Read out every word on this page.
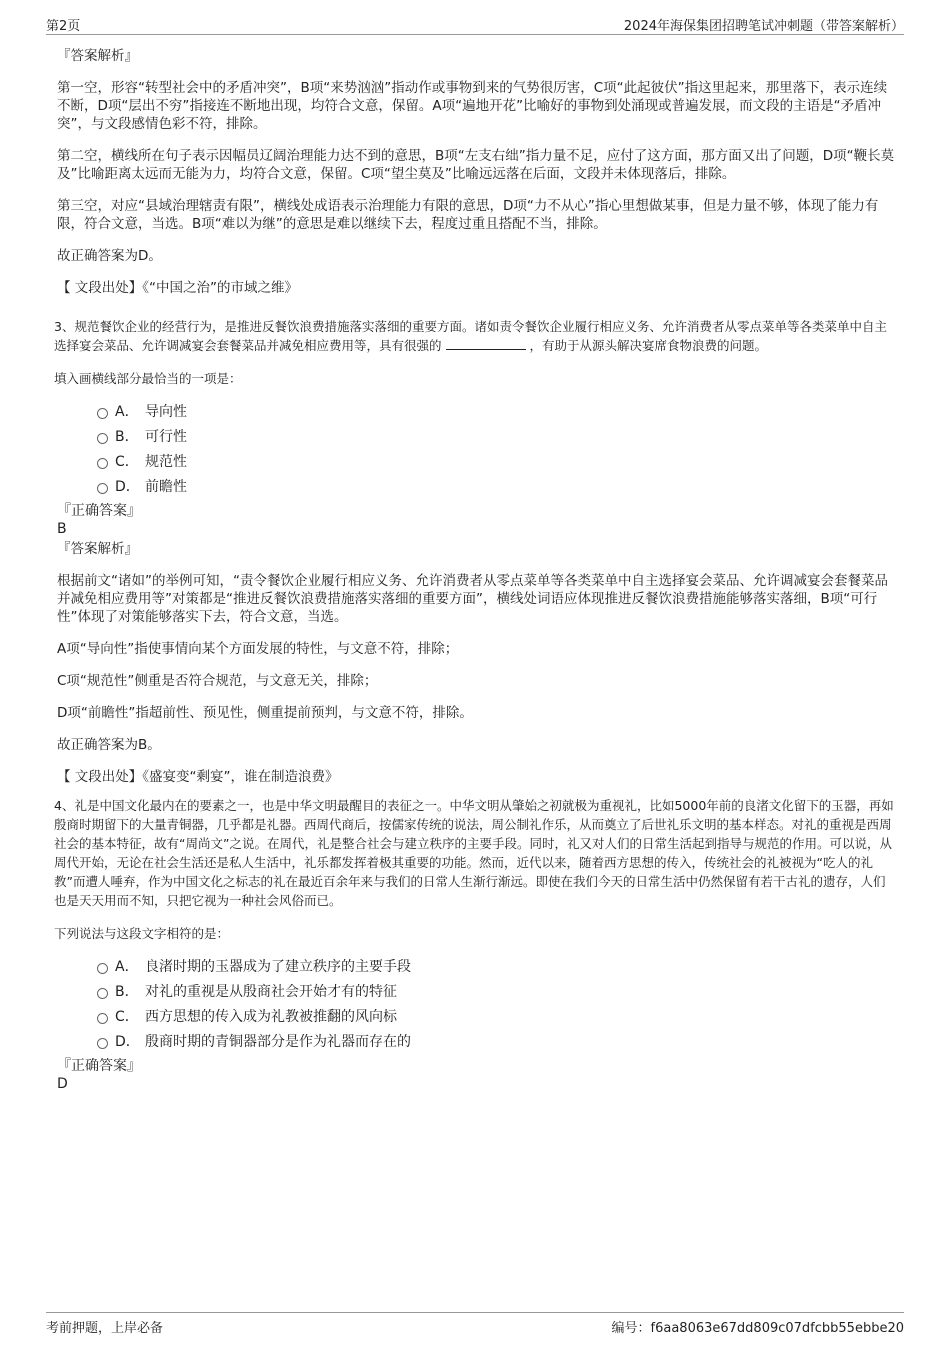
第2页	2024年海保集团招聘笔试冲刺题（带答案解析）
『答案解析』
第一空，形容“转型社会中的矛盾冲突”，B项“来势汹汹”指动作或事物到来的气势很厉害，C项“此起彼伏”指这里起来，那里落下，表示连续不断，D项“层出不穷”指接连不断地出现，均符合文意，保留。A项“遍地开花”比喻好的事物到处涌现或普遍发展，而文段的主语是“矛盾冲突”，与文段感情色彩不符，排除。
第二空，横线所在句子表示因幅员辽阔治理能力达不到的意思，B项“左支右绌”指力量不足，应付了这方面，那方面又出了问题，D项“鞭长莫及”比喻距离太远而无能为力，均符合文意，保留。C项“望尘莫及”比喻远远落在后面，文段并未体现落后，排除。
第三空，对应“县域治理辖责有限”，横线处成语表示治理能力有限的意思，D项“力不从心”指心里想做某事，但是力量不够，体现了能力有限，符合文意，当选。B项“难以为继”的意思是难以继续下去，程度过重且搭配不当，排除。
故正确答案为D。
【 文段出处】《“中国之治”的市域之维》
3、规范餐饮企业的经营行为，是推进反餐饮浪费措施落实落细的重要方面。诸如责令餐饮企业履行相应义务、允许消费者从零点菜单等各类菜单中自主选择宴会菜品、允许调减宴会套餐菜品并减免相应费用等，具有很强的	，有助于从源头解决宴席食物浪费的问题。
填入画横线部分最恰当的一项是：
A． 导向性
B． 可行性
C． 规范性
D． 前瞻性
『正确答案』
B
『答案解析』
根据前文“诸如”的举例可知，“责令餐饮企业履行相应义务、允许消费者从零点菜单等各类菜单中自主选择宴会菜品、允许调减宴会套餐菜品并减免相应费用等”对策都是“推进反餐饮浪费措施落实落细的重要方面”，横线处词语应体现推进反餐饮浪费措施能够落实落细，B项“可行性”体现了对策能够落实下去，符合文意，当选。
A项“导向性”指使事情向某个方面发展的特性，与文意不符，排除；
C项“规范性”侧重是否符合规范，与文意无关，排除；
D项“前瞻性”指超前性、预见性，侧重提前预判，与文意不符，排除。
故正确答案为B。
【 文段出处】《盛宴变“剩宴”，谁在制造浪费》
4、礼是中国文化最内在的要素之一，也是中华文明最醒目的表征之一。中华文明从肇始之初就极为重视礼，比如5000年前的良渚文化留下的玉器，再如殷商时期留下的大量青铜器，几乎都是礼器。西周代商后，按儒家传统的说法，周公制礼作乐，从而奠立了后世礼乐文明的基本样态。对礼的重视是西周社会的基本特征，故有“周尚文”之说。在周代，礼是整合社会与建立秩序的主要手段。同时，礼又对人们的日常生活起到指导与规范的作用。可以说，从周代开始，无论在社会生活还是私人生活中，礼乐都发挥着极其重要的功能。然而，近代以来，随着西方思想的传入，传统社会的礼被视为“吃人的礼教”而遭人唾弃，作为中国文化之标志的礼在最近百余年来与我们的日常人生渐行渐远。即使在我们今天的日常生活中仍然保留有若干古礼的遗存，人们也是天天用而不知，只把它视为一种社会风俗而已。
下列说法与这段文字相符的是：
A． 良渚时期的玉器成为了建立秩序的主要手段
B． 对礼的重视是从殷商社会开始才有的特征
C． 西方思想的传入成为礼教被推翻的风向标
D． 殷商时期的青铜器部分是作为礼器而存在的
『正确答案』
D
考前押题，上岸必备	编号：f6aa8063e67dd809c07dfcbb55ebbe20
